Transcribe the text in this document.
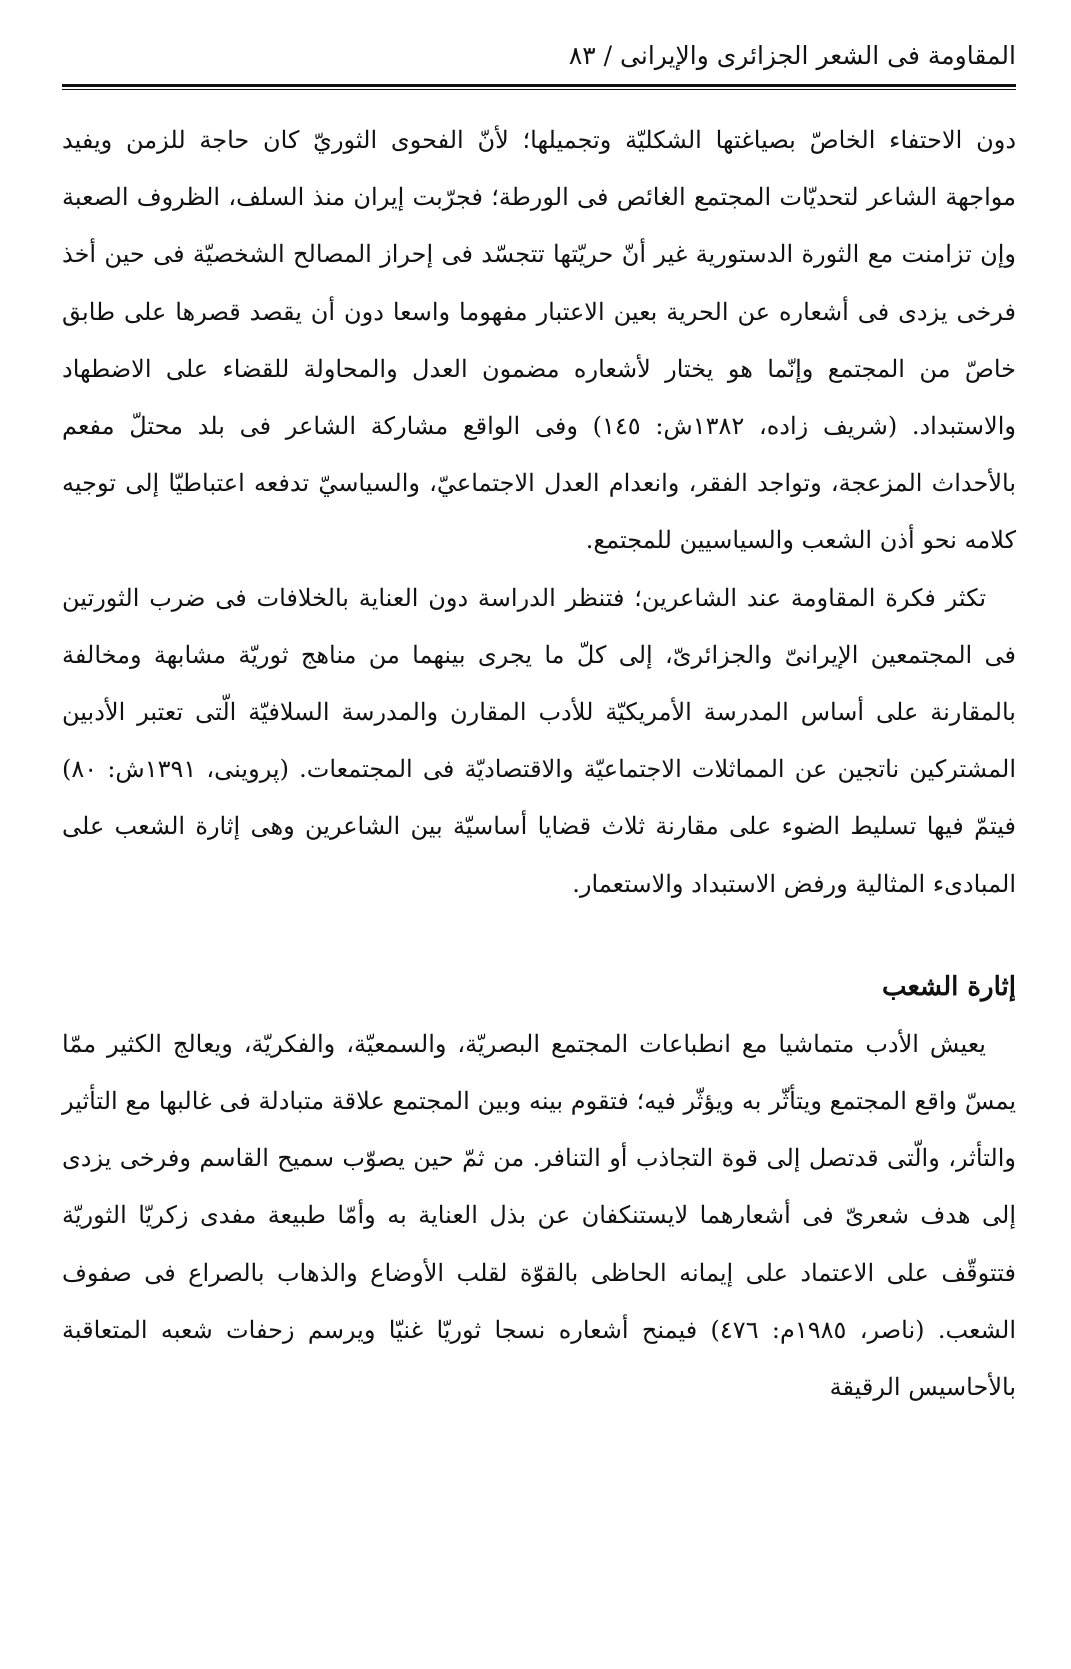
المقاومة فى الشعر الجزائرى والإيرانى / ٨٣

دون الاحتفاء الخاصّ بصياغتها الشكليّة وتجميلها؛ لأنّ الفحوى الثوريّ كان حاجة للزمن ويفيد مواجهة الشاعر لتحديّات المجتمع الغائص فى الورطة؛ فجرّبت إيران منذ السلف، الظروف الصعبة وإن تزامنت مع الثورة الدستورية غير أنّ حريّتها تتجسّد فى إحراز المصالح الشخصيّة فى حين أخذ فرخى يزدى فى أشعاره عن الحرية بعين الاعتبار مفهوما واسعا دون أن يقصد قصرها على طابق خاصّ من المجتمع وإنّما هو يختار لأشعاره مضمون العدل والمحاولة للقضاء على الاضطهاد والاستبداد. (شريف زاده، ١٣٨٢ش: ١٤٥) وفى الواقع مشاركة الشاعر فى بلد محتلّ مفعم بالأحداث المزعجة، وتواجد الفقر، وانعدام العدل الاجتماعيّ، والسياسيّ تدفعه اعتباطيّا إلى توجيه كلامه نحو أذن الشعب والسياسيين للمجتمع.

تكثر فكرة المقاومة عند الشاعرين؛ فتنظر الدراسة دون العناية بالخلافات فى ضرب الثورتين فى المجتمعين الإيرانىّ والجزائرىّ، إلى كلّ ما يجرى بينهما من مناهج ثوريّة مشابهة ومخالفة بالمقارنة على أساس المدرسة الأمريكيّة للأدب المقارن والمدرسة السلافيّة الّتى تعتبر الأدبين المشتركين ناتجين عن المماثلات الاجتماعيّة والاقتصاديّة فى المجتمعات. (پروينى، ١٣٩١ش: ٨٠) فيتمّ فيها تسليط الضوء على مقارنة ثلاث قضايا أساسيّة بين الشاعرين وهى إثارة الشعب على المبادىء المثالية ورفض الاستبداد والاستعمار.

إثارة الشعب

يعيش الأدب متماشيا مع انطباعات المجتمع البصريّة، والسمعيّة، والفكريّة، ويعالج الكثير ممّا يمسّ واقع المجتمع ويتأثّر به ويؤثّر فيه؛ فتقوم بينه وبين المجتمع علاقة متبادلة فى غالبها مع التأثير والتأثر، والّتى قدتصل إلى قوة التجاذب أو التنافر. من ثمّ حين يصوّب سميح القاسم وفرخى يزدى إلى هدف شعرىّ فى أشعارهما لايستنكفان عن بذل العناية به وأمّا طبيعة مفدى زكريّا الثوريّة فتتوقّف على الاعتماد على إيمانه الحاظى بالقوّة لقلب الأوضاع والذهاب بالصراع فى صفوف الشعب. (ناصر، ١٩٨٥م: ٤٧٦) فيمنح أشعاره نسجا ثوريّا غنيّا ويرسم زحفات شعبه المتعاقبة بالأحاسيس الرقيقة
